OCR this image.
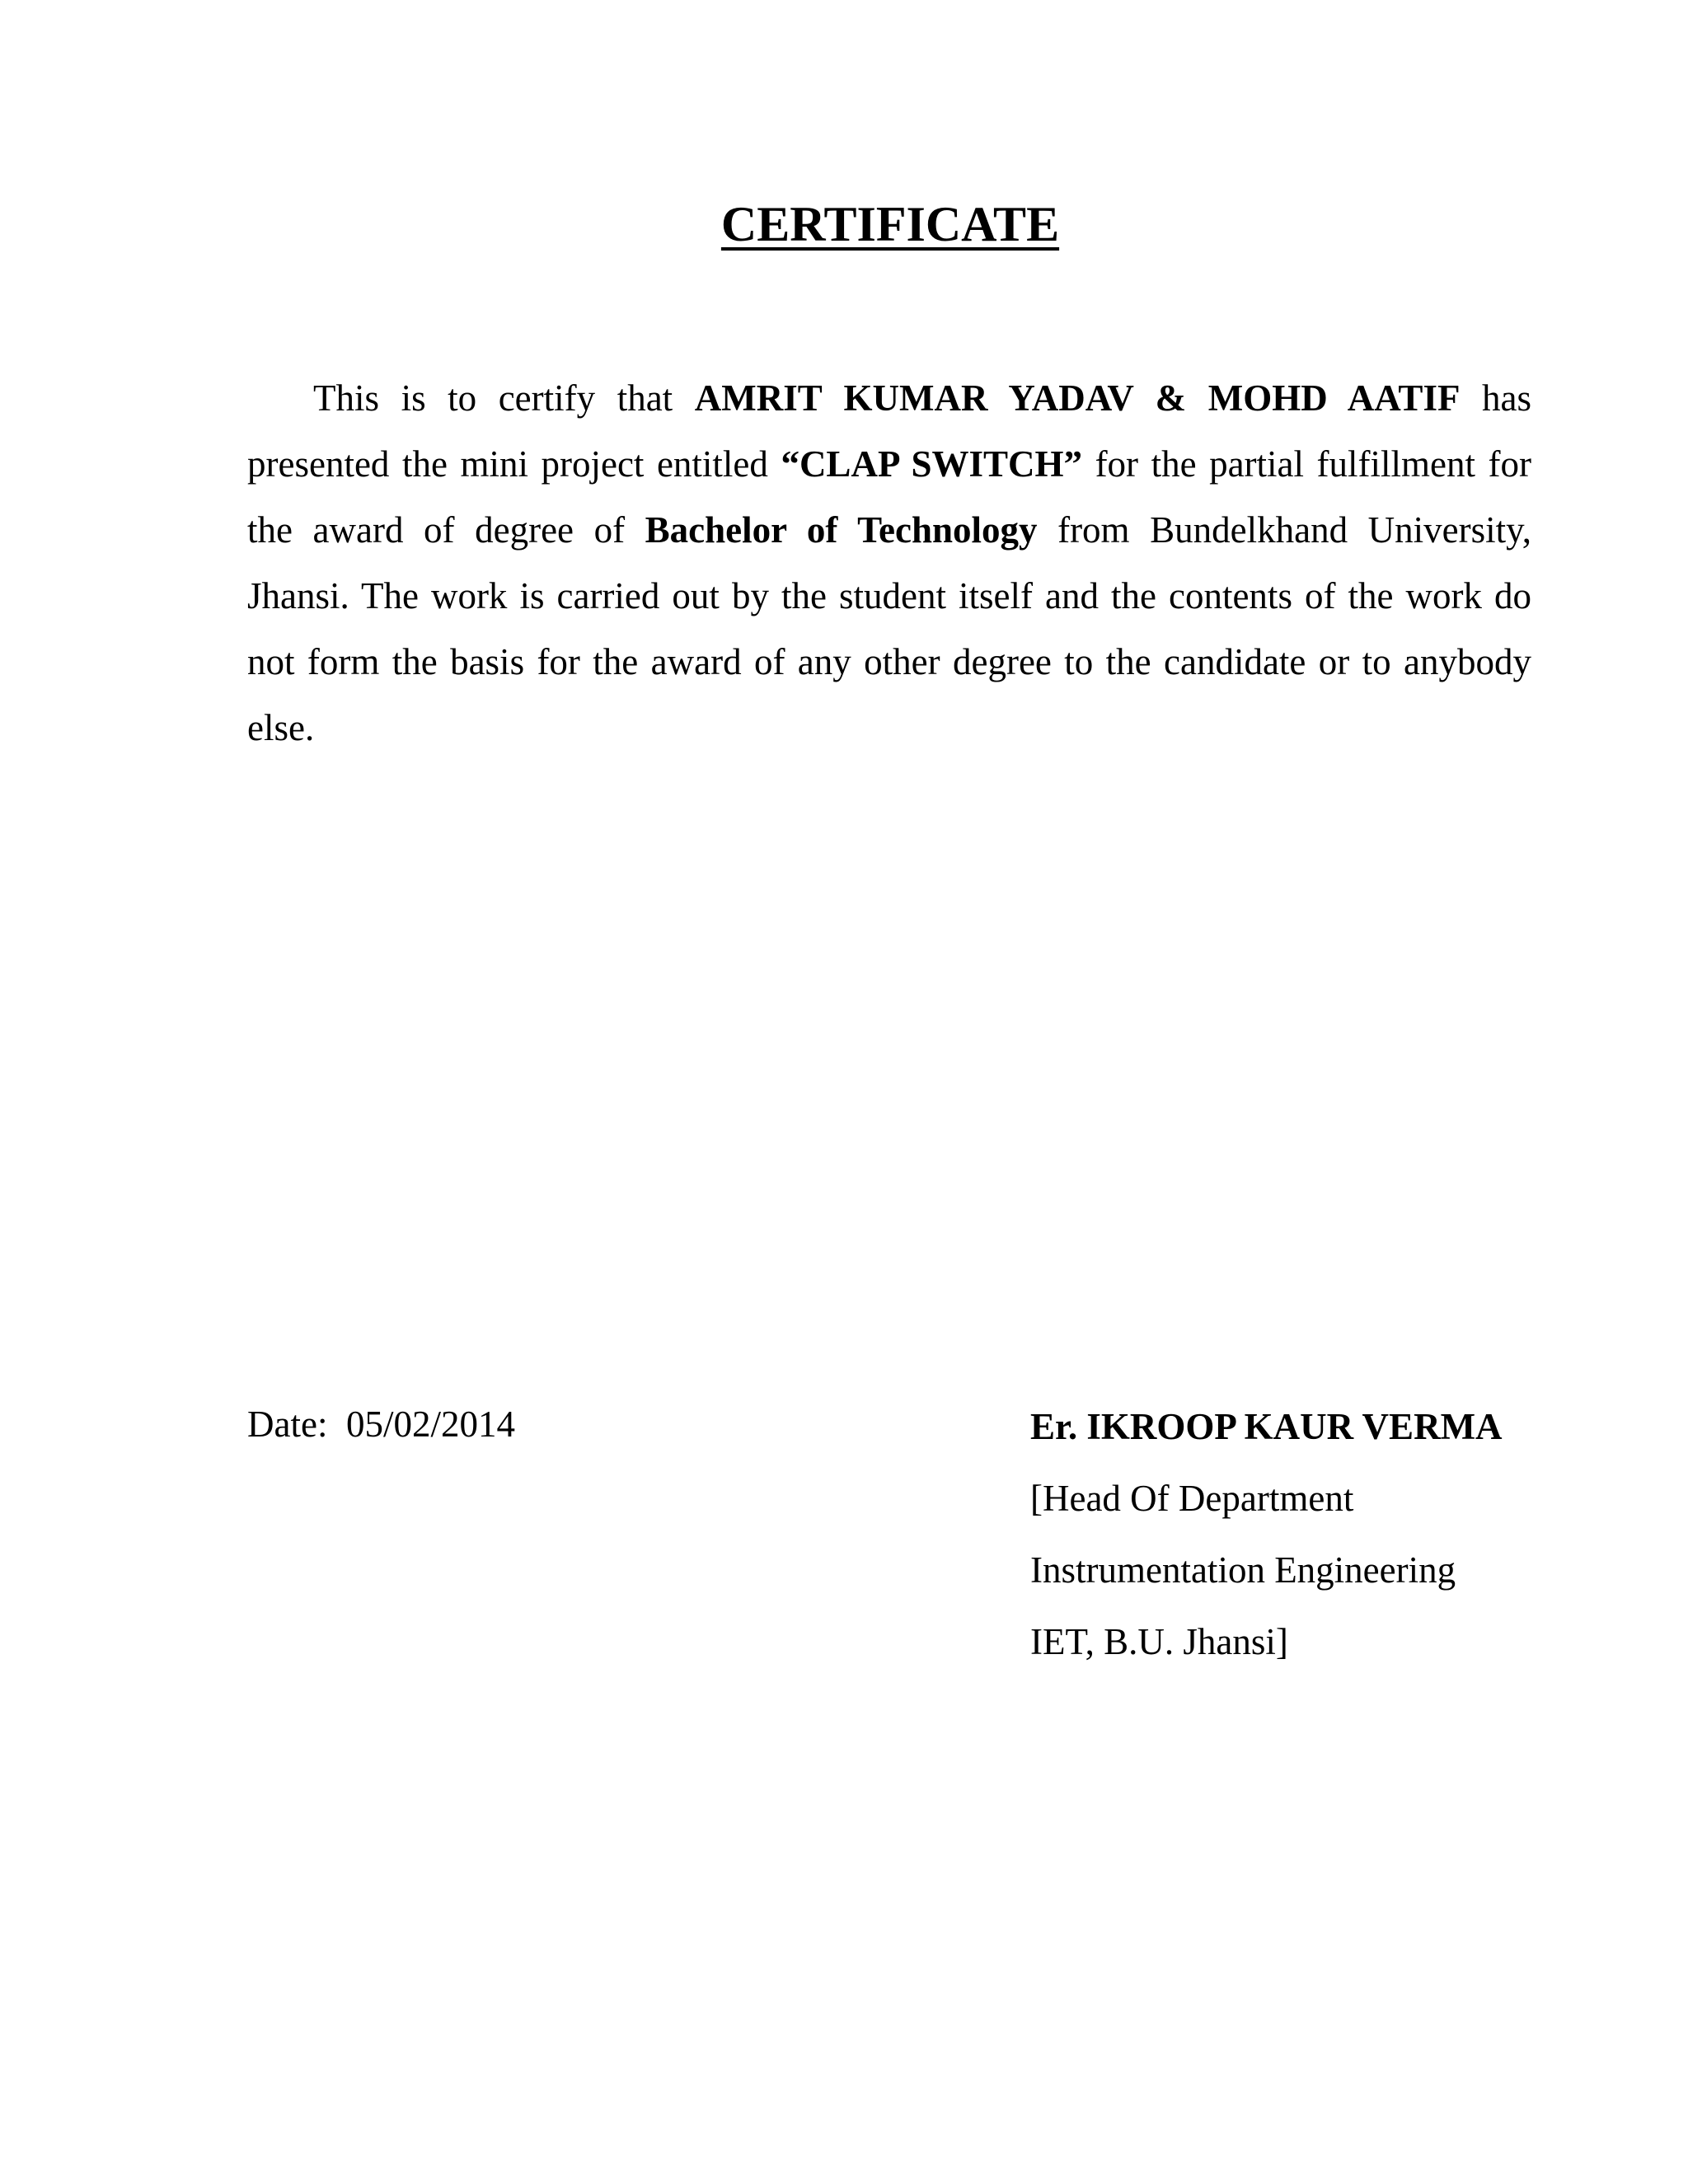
CERTIFICATE

This is to certify that AMRIT KUMAR YADAV & MOHD AATIF has presented the mini project entitled “CLAP SWITCH” for the partial fulfillment for the award of degree of Bachelor of Technology from Bundelkhand University, Jhansi. The work is carried out by the student itself and the contents of the work do not form the basis for the award of any other degree to the candidate or to anybody else.

Date:  05/02/2014	Er. IKROOP KAUR VERMA
[Head Of Department
Instrumentation Engineering
IET, B.U. Jhansi]
